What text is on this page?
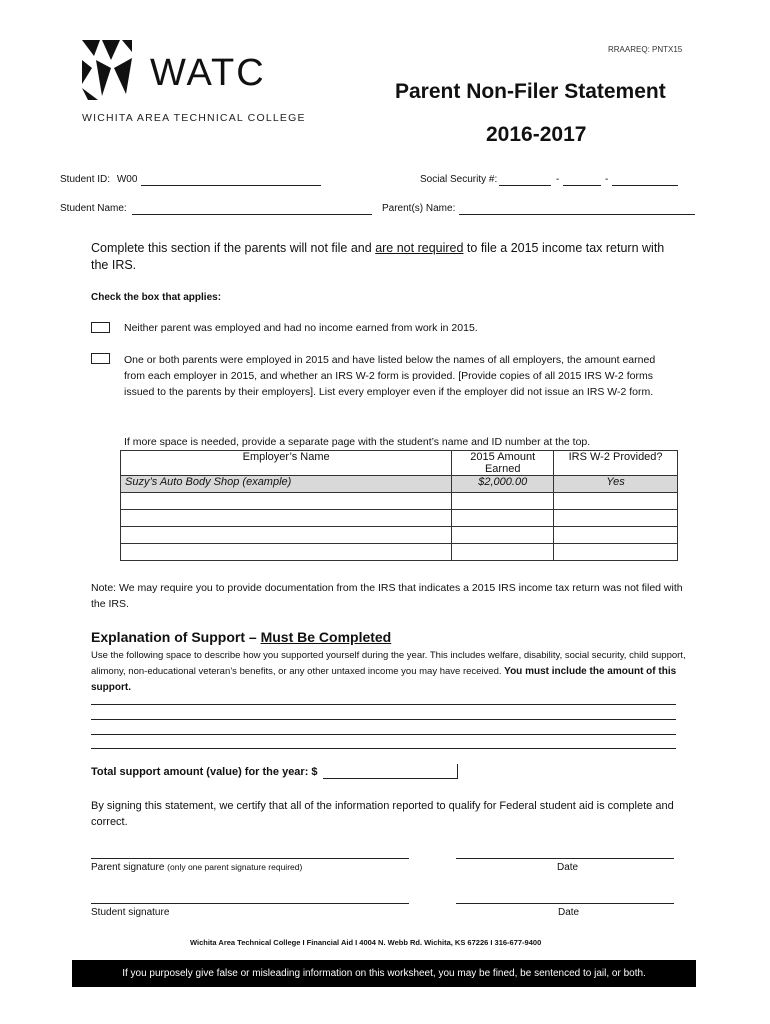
WATC
WICHITA AREA TECHNICAL COLLEGE
RRAAREQ: PNTX15
Parent Non-Filer Statement
2016-2017
Student ID: W00	Social Security #:	-	-
Student Name:	Parent(s) Name:
Complete this section if the parents will not file and are not required to file a 2015 income tax return with the IRS.
Check the box that applies:
Neither parent was employed and had no income earned from work in 2015.
One or both parents were employed in 2015 and have listed below the names of all employers, the amount earned from each employer in 2015, and whether an IRS W-2 form is provided. [Provide copies of all 2015 IRS W-2 forms issued to the parents by their employers]. List every employer even if the employer did not issue an IRS W-2 form.
If more space is needed, provide a separate page with the student’s name and ID number at the top.
Employer’s Name	2015 Amount Earned	IRS W-2 Provided?
Suzy’s Auto Body Shop (example)	$2,000.00	Yes

Note: We may require you to provide documentation from the IRS that indicates a 2015 IRS income tax return was not filed with the IRS.
Explanation of Support – Must Be Completed
Use the following space to describe how you supported yourself during the year. This includes welfare, disability, social security, child support, alimony, non-educational veteran’s benefits, or any other untaxed income you may have received. You must include the amount of this support.
Total support amount (value) for the year: $
By signing this statement, we certify that all of the information reported to qualify for Federal student aid is complete and correct.
Parent signature (only one parent signature required)	Date
Student signature	Date
Wichita Area Technical College I Financial Aid I 4004 N. Webb Rd. Wichita, KS 67226 I 316-677-9400
If you purposely give false or misleading information on this worksheet, you may be fined, be sentenced to jail, or both.
